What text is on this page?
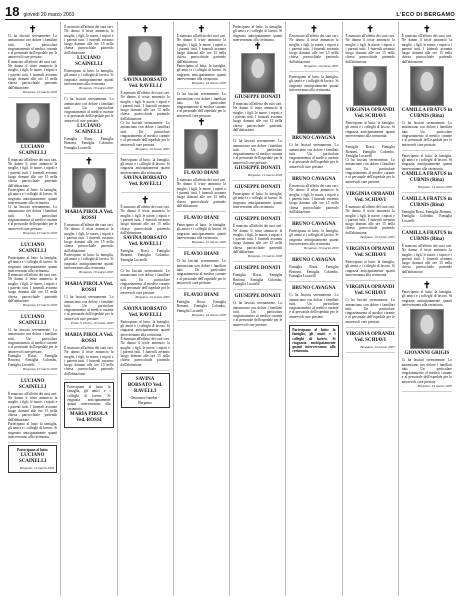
18 giovedì 20 marzo 2003	L'ECO DI BERGAMO
✝

Ci ha lasciati serenamente. Lo annunciano con dolore i familiari tutti. Un particolare ringraziamento al medico curante e al personale dell'ospedale per le amorevoli cure prestate.

È mancato all'affetto dei suoi cari. Ne danno il triste annuncio la moglie, i figli, le nuore, i nipoti e i parenti tutti. I funerali avranno luogo domani alle ore 15 nella chiesa parrocchiale partendo dall'abitazione.

Bergamo, 19 marzo 2003

LUCIANO SCAINELLI

È mancato all'affetto dei suoi cari. Ne danno il triste annuncio la moglie, i figli, le nuore, i nipoti e i parenti tutti. I funerali avranno luogo domani alle ore 15 nella chiesa parrocchiale partendo dall'abitazione.

Partecipano al lutto: la famiglia, gli amici e i colleghi di lavoro. Si ringrazia anticipatamente quanti interverranno alla cerimonia.

Ci ha lasciati serenamente. Lo annunciano con dolore i familiari tutti. Un particolare ringraziamento al medico curante e al personale dell'ospedale per le amorevoli cure prestate.

Bergamo, 19 marzo 2003

LUCIANO SCAINELLI

Partecipano al lutto: la famiglia, gli amici e i colleghi di lavoro. Si ringrazia anticipatamente quanti interverranno alla cerimonia.

È mancato all'affetto dei suoi cari. Ne danno il triste annuncio la moglie, i figli, le nuore, i nipoti e i parenti tutti. I funerali avranno luogo domani alle ore 15 nella chiesa parrocchiale partendo dall'abitazione.

Bergamo, 19 marzo 2003

LUCIANO SCAINELLI

Ci ha lasciati serenamente. Lo annunciano con dolore i familiari tutti. Un particolare ringraziamento al medico curante e al personale dell'ospedale per le amorevoli cure prestate.

Famiglia Rossi, Famiglia Bonomi, Famiglia Colombo, Famiglia Locatelli

Bergamo, 19 marzo 2003

LUCIANO SCAINELLI

È mancato all'affetto dei suoi cari. Ne danno il triste annuncio la moglie, i figli, le nuore, i nipoti e i parenti tutti. I funerali avranno luogo domani alle ore 15 nella chiesa parrocchiale partendo dall'abitazione.

Partecipano al lutto: la famiglia, gli amici e i colleghi di lavoro. Si ringrazia anticipatamente quanti interverranno alla cerimonia.

Partecipano al lutto:

LUCIANO SCAINELLI

Bergamo, 19 marzo 2003

È mancato all'affetto dei suoi cari. Ne danno il triste annuncio la moglie, i figli, le nuore, i nipoti e i parenti tutti. I funerali avranno luogo domani alle ore 15 nella chiesa parrocchiale partendo dall'abitazione.

LUCIANO SCAINELLI

Partecipano al lutto: la famiglia, gli amici e i colleghi di lavoro. Si ringrazia anticipatamente quanti interverranno alla cerimonia.

Bergamo, 19 marzo 2003

Ci ha lasciati serenamente. Lo annunciano con dolore i familiari tutti. Un particolare ringraziamento al medico curante e al personale dell'ospedale per le amorevoli cure prestate.

LUCIANO SCAINELLI

Famiglia Rossi, Famiglia Bonomi, Famiglia Colombo, Famiglia Locatelli

✝
MARIA PIROLA Ved. ROSSI

È mancato all'affetto dei suoi cari. Ne danno il triste annuncio la moglie, i figli, le nuore, i nipoti e i parenti tutti. I funerali avranno luogo domani alle ore 15 nella chiesa parrocchiale partendo dall'abitazione.

Partecipano al lutto: la famiglia, gli amici e i colleghi di lavoro. Si ringrazia anticipatamente quanti interverranno alla cerimonia.

Bergamo, 19 marzo 2003

MARIA PIROLA Ved. ROSSI

Ci ha lasciati serenamente. Lo annunciano con dolore i familiari tutti. Un particolare ringraziamento al medico curante e al personale dell'ospedale per le amorevoli cure prestate.

Ponte S. Pietro, 19 marzo 2003

MARIA PIROLA Ved. ROSSI

È mancato all'affetto dei suoi cari. Ne danno il triste annuncio la moglie, i figli, le nuore, i nipoti e i parenti tutti. I funerali avranno luogo domani alle ore 15 nella chiesa parrocchiale partendo dall'abitazione.

Partecipano al lutto: la famiglia, gli amici e i colleghi di lavoro. Si ringrazia anticipatamente quanti interverranno alla cerimonia.

MARIA PIROLA Ved. ROSSI
✝
SAVINA BORSATO Ved. RAVELLI

È mancato all'affetto dei suoi cari. Ne danno il triste annuncio la moglie, i figli, le nuore, i nipoti e i parenti tutti. I funerali avranno luogo domani alle ore 15 nella chiesa parrocchiale partendo dall'abitazione.

Ci ha lasciati serenamente. Lo annunciano con dolore i familiari tutti. Un particolare ringraziamento al medico curante e al personale dell'ospedale per le amorevoli cure prestate.

Bergamo, 19 marzo 2003

Partecipano al lutto: la famiglia, gli amici e i colleghi di lavoro. Si ringrazia anticipatamente quanti interverranno alla cerimonia.

SAVINA BORSATO Ved. RAVELLI
✝

È mancato all'affetto dei suoi cari. Ne danno il triste annuncio la moglie, i figli, le nuore, i nipoti e i parenti tutti. I funerali avranno luogo domani alle ore 15 nella chiesa parrocchiale partendo dall'abitazione.

SAVINA BORSATO Ved. RAVELLI

Famiglia Rossi, Famiglia Bonomi, Famiglia Colombo, Famiglia Locatelli

Ci ha lasciati serenamente. Lo annunciano con dolore i familiari tutti. Un particolare ringraziamento al medico curante e al personale dell'ospedale per le amorevoli cure prestate.

Bergamo, 19 marzo 2003

SAVINA BORSATO Ved. RAVELLI

Partecipano al lutto: la famiglia, gli amici e i colleghi di lavoro. Si ringrazia anticipatamente quanti interverranno alla cerimonia.

È mancato all'affetto dei suoi cari. Ne danno il triste annuncio la moglie, i figli, le nuore, i nipoti e i parenti tutti. I funerali avranno luogo domani alle ore 15 nella chiesa parrocchiale partendo dall'abitazione.

SAVINA BORSATO Ved. RAVELLI

Onoranze funebri - Bergamo

✝

È mancato all'affetto dei suoi cari. Ne danno il triste annuncio la moglie, i figli, le nuore, i nipoti e i parenti tutti. I funerali avranno luogo domani alle ore 15 nella chiesa parrocchiale partendo dall'abitazione.

Partecipano al lutto: la famiglia, gli amici e i colleghi di lavoro. Si ringrazia anticipatamente quanti interverranno alla cerimonia.

Bergamo, 19 marzo 2003

Ci ha lasciati serenamente. Lo annunciano con dolore i familiari tutti. Un particolare ringraziamento al medico curante e al personale dell'ospedale per le amorevoli cure prestate.

✝
FLAVIO DIANI

È mancato all'affetto dei suoi cari. Ne danno il triste annuncio la moglie, i figli, le nuore, i nipoti e i parenti tutti. I funerali avranno luogo domani alle ore 15 nella chiesa parrocchiale partendo dall'abitazione.

FLAVIO DIANI

Partecipano al lutto: la famiglia, gli amici e i colleghi di lavoro. Si ringrazia anticipatamente quanti interverranno alla cerimonia.

Bergamo, 19 marzo 2003

FLAVIO DIANI

Ci ha lasciati serenamente. Lo annunciano con dolore i familiari tutti. Un particolare ringraziamento al medico curante e al personale dell'ospedale per le amorevoli cure prestate.

FLAVIO DIANI

Famiglia Rossi, Famiglia Bonomi, Famiglia Colombo, Famiglia Locatelli

Bergamo, 19 marzo 2003

Partecipano al lutto: la famiglia, gli amici e i colleghi di lavoro. Si ringrazia anticipatamente quanti interverranno alla cerimonia.

✝
GIUSEPPE DONATI

È mancato all'affetto dei suoi cari. Ne danno il triste annuncio la moglie, i figli, le nuore, i nipoti e i parenti tutti. I funerali avranno luogo domani alle ore 15 nella chiesa parrocchiale partendo dall'abitazione.

Ci ha lasciati serenamente. Lo annunciano con dolore i familiari tutti. Un particolare ringraziamento al medico curante e al personale dell'ospedale per le amorevoli cure prestate.

GIUSEPPE DONATI

Bergamo, 19 marzo 2003

GIUSEPPE DONATI

Partecipano al lutto: la famiglia, gli amici e i colleghi di lavoro. Si ringrazia anticipatamente quanti interverranno alla cerimonia.

GIUSEPPE DONATI

È mancato all'affetto dei suoi cari. Ne danno il triste annuncio la moglie, i figli, le nuore, i nipoti e i parenti tutti. I funerali avranno luogo domani alle ore 15 nella chiesa parrocchiale partendo dall'abitazione.

Bergamo, 19 marzo 2003

GIUSEPPE DONATI

Famiglia Rossi, Famiglia Bonomi, Famiglia Colombo, Famiglia Locatelli

GIUSEPPE DONATI

Ci ha lasciati serenamente. Lo annunciano con dolore i familiari tutti. Un particolare ringraziamento al medico curante e al personale dell'ospedale per le amorevoli cure prestate.

✝

È mancato all'affetto dei suoi cari. Ne danno il triste annuncio la moglie, i figli, le nuore, i nipoti e i parenti tutti. I funerali avranno luogo domani alle ore 15 nella chiesa parrocchiale partendo dall'abitazione.

Bergamo, 19 marzo 2003

Partecipano al lutto: la famiglia, gli amici e i colleghi di lavoro. Si ringrazia anticipatamente quanti interverranno alla cerimonia.

BRUNO CAVAGNA

Ci ha lasciati serenamente. Lo annunciano con dolore i familiari tutti. Un particolare ringraziamento al medico curante e al personale dell'ospedale per le amorevoli cure prestate.

BRUNO CAVAGNA

È mancato all'affetto dei suoi cari. Ne danno il triste annuncio la moglie, i figli, le nuore, i nipoti e i parenti tutti. I funerali avranno luogo domani alle ore 15 nella chiesa parrocchiale partendo dall'abitazione.

BRUNO CAVAGNA

Partecipano al lutto: la famiglia, gli amici e i colleghi di lavoro. Si ringrazia anticipatamente quanti interverranno alla cerimonia.

Bergamo, 19 marzo 2003

BRUNO CAVAGNA

Famiglia Rossi, Famiglia Bonomi, Famiglia Colombo, Famiglia Locatelli

BRUNO CAVAGNA

Ci ha lasciati serenamente. Lo annunciano con dolore i familiari tutti. Un particolare ringraziamento al medico curante e al personale dell'ospedale per le amorevoli cure prestate.

Partecipano al lutto: la famiglia, gli amici e i colleghi di lavoro. Si ringrazia anticipatamente quanti interverranno alla cerimonia.

✝

È mancato all'affetto dei suoi cari. Ne danno il triste annuncio la moglie, i figli, le nuore, i nipoti e i parenti tutti. I funerali avranno luogo domani alle ore 15 nella chiesa parrocchiale partendo dall'abitazione.

VIRGINIA OPRANDI Ved. SCHIAVI

Partecipano al lutto: la famiglia, gli amici e i colleghi di lavoro. Si ringrazia anticipatamente quanti interverranno alla cerimonia.

Famiglia Rossi, Famiglia Bonomi, Famiglia Colombo, Famiglia Locatelli

Ci ha lasciati serenamente. Lo annunciano con dolore i familiari tutti. Un particolare ringraziamento al medico curante e al personale dell'ospedale per le amorevoli cure prestate.

VIRGINIA OPRANDI Ved. SCHIAVI

È mancato all'affetto dei suoi cari. Ne danno il triste annuncio la moglie, i figli, le nuore, i nipoti e i parenti tutti. I funerali avranno luogo domani alle ore 15 nella chiesa parrocchiale partendo dall'abitazione.

Bergamo, 19 marzo 2003

VIRGINIA OPRANDI Ved. SCHIAVI

Partecipano al lutto: la famiglia, gli amici e i colleghi di lavoro. Si ringrazia anticipatamente quanti interverranno alla cerimonia.

VIRGINIA OPRANDI Ved. SCHIAVI

Ci ha lasciati serenamente. Lo annunciano con dolore i familiari tutti. Un particolare ringraziamento al medico curante e al personale dell'ospedale per le amorevoli cure prestate.

VIRGINIA OPRANDI Ved. SCHIAVI

Bergamo, 19 marzo 2003

✝

È mancato all'affetto dei suoi cari. Ne danno il triste annuncio la moglie, i figli, le nuore, i nipoti e i parenti tutti. I funerali avranno luogo domani alle ore 15 nella chiesa parrocchiale partendo dall'abitazione.

CAMILLA FRATUS in CURNIS (Rina)

Ci ha lasciati serenamente. Lo annunciano con dolore i familiari tutti. Un particolare ringraziamento al medico curante e al personale dell'ospedale per le amorevoli cure prestate.

Partecipano al lutto: la famiglia, gli amici e i colleghi di lavoro. Si ringrazia anticipatamente quanti interverranno alla cerimonia.

CAMILLA FRATUS in CURNIS (Rina)

Bergamo, 19 marzo 2003

CAMILLA FRATUS in CURNIS (Rina)

Famiglia Rossi, Famiglia Bonomi, Famiglia Colombo, Famiglia Locatelli

CAMILLA FRATUS in CURNIS (Rina)

È mancato all'affetto dei suoi cari. Ne danno il triste annuncio la moglie, i figli, le nuore, i nipoti e i parenti tutti. I funerali avranno luogo domani alle ore 15 nella chiesa parrocchiale partendo dall'abitazione.

✝

Partecipano al lutto: la famiglia, gli amici e i colleghi di lavoro. Si ringrazia anticipatamente quanti interverranno alla cerimonia.

GIOVANNI GRIGIS

Ci ha lasciati serenamente. Lo annunciano con dolore i familiari tutti. Un particolare ringraziamento al medico curante e al personale dell'ospedale per le amorevoli cure prestate.

Bergamo, 19 marzo 2003
